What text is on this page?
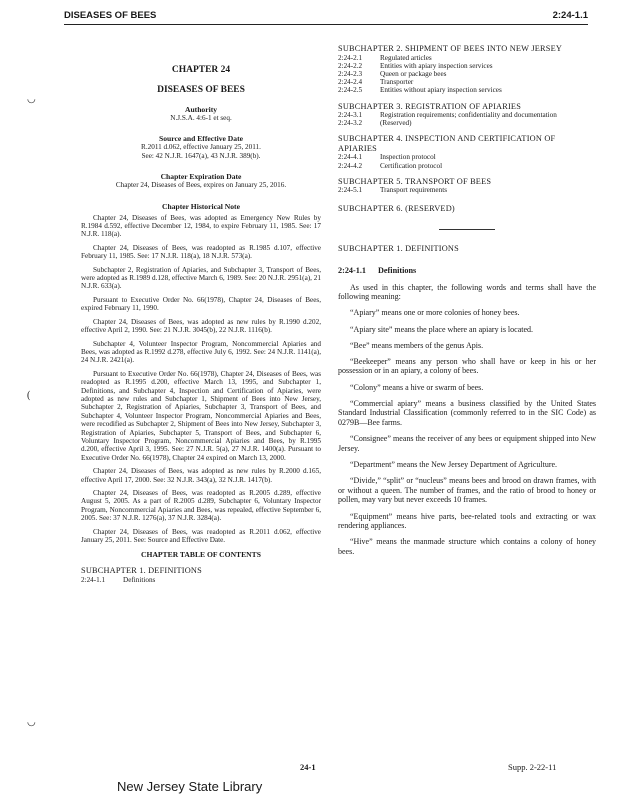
DISEASES OF BEES	2:24-1.1
◡
(
◡
CHAPTER 24
DISEASES OF BEES
Authority
N.J.S.A. 4:6-1 et seq.
Source and Effective Date
R.2011 d.062, effective January 25, 2011.
See: 42 N.J.R. 1647(a), 43 N.J.R. 389(b).
Chapter Expiration Date
Chapter 24, Diseases of Bees, expires on January 25, 2016.
Chapter Historical Note

Chapter 24, Diseases of Bees, was adopted as Emergency New Rules by R.1984 d.592, effective December 12, 1984, to expire February 11, 1985. See: 17 N.J.R. 118(a).

Chapter 24, Diseases of Bees, was readopted as R.1985 d.107, effective February 11, 1985. See: 17 N.J.R. 118(a), 18 N.J.R. 573(a).

Subchapter 2, Registration of Apiaries, and Subchapter 3, Transport of Bees, were adopted as R.1989 d.128, effective March 6, 1989. See: 20 N.J.R. 2951(a), 21 N.J.R. 633(a).

Pursuant to Executive Order No. 66(1978), Chapter 24, Diseases of Bees, expired February 11, 1990.

Chapter 24, Diseases of Bees, was adopted as new rules by R.1990 d.202, effective April 2, 1990. See: 21 N.J.R. 3045(b), 22 N.J.R. 1116(b).

Subchapter 4, Volunteer Inspector Program, Noncommercial Apiaries and Bees, was adopted as R.1992 d.278, effective July 6, 1992. See: 24 N.J.R. 1141(a), 24 N.J.R. 2421(a).

Pursuant to Executive Order No. 66(1978), Chapter 24, Diseases of Bees, was readopted as R.1995 d.200, effective March 13, 1995, and Subchapter 1, Definitions, and Subchapter 4, Inspection and Certification of Apiaries, were adopted as new rules and Subchapter 1, Shipment of Bees into New Jersey, Subchapter 2, Registration of Apiaries, Subchapter 3, Transport of Bees, and Subchapter 4, Volunteer Inspector Program, Noncommercial Apiaries and Bees, were recodified as Subchapter 2, Shipment of Bees into New Jersey, Subchapter 3, Registration of Apiaries, Subchapter 5, Transport of Bees, and Subchapter 6, Voluntary Inspector Program, Noncommercial Apiaries and Bees, by R.1995 d.200, effective April 3, 1995. See: 27 N.J.R. 5(a), 27 N.J.R. 1400(a). Pursuant to Executive Order No. 66(1978), Chapter 24 expired on March 13, 2000.

Chapter 24, Diseases of Bees, was adopted as new rules by R.2000 d.165, effective April 17, 2000. See: 32 N.J.R. 343(a), 32 N.J.R. 1417(b).

Chapter 24, Diseases of Bees, was readopted as R.2005 d.289, effective August 5, 2005. As a part of R.2005 d.289, Subchapter 6, Voluntary Inspector Program, Noncommercial Apiaries and Bees, was repealed, effective September 6, 2005. See: 37 N.J.R. 1276(a), 37 N.J.R. 3284(a).

Chapter 24, Diseases of Bees, was readopted as R.2011 d.062, effective January 25, 2011. See: Source and Effective Date.

CHAPTER TABLE OF CONTENTS
SUBCHAPTER 1. DEFINITIONS
2:24-1.1	Definitions
SUBCHAPTER 2. SHIPMENT OF BEES INTO NEW JERSEY
2:24-2.1	Regulated articles
2:24-2.2	Entities with apiary inspection services
2:24-2.3	Queen or package bees
2:24-2.4	Transporter
2:24-2.5	Entities without apiary inspection services
SUBCHAPTER 3. REGISTRATION OF APIARIES
2:24-3.1	Registration requirements; confidentiality and documentation
2:24-3.2	(Reserved)
SUBCHAPTER 4. INSPECTION AND CERTIFICATION OF APIARIES
2:24-4.1	Inspection protocol
2:24-4.2	Certification protocol
SUBCHAPTER 5. TRANSPORT OF BEES
2:24-5.1	Transport requirements
SUBCHAPTER 6. (RESERVED)
SUBCHAPTER 1. DEFINITIONS
2:24-1.1 Definitions

As used in this chapter, the following words and terms shall have the following meaning:

“Apiary” means one or more colonies of honey bees.

“Apiary site” means the place where an apiary is located.

“Bee” means members of the genus Apis.

“Beekeeper” means any person who shall have or keep in his or her possession or in an apiary, a colony of bees.

“Colony” means a hive or swarm of bees.

“Commercial apiary” means a business classified by the United States Standard Industrial Classification (commonly referred to in the SIC Code) as 0279B—Bee farms.

“Consignee” means the receiver of any bees or equipment shipped into New Jersey.

“Department” means the New Jersey Department of Agriculture.

“Divide,” “split” or “nucleus” means bees and brood on drawn frames, with or without a queen. The number of frames, and the ratio of brood to honey or pollen, may vary but never exceeds 10 frames.

“Equipment” means hive parts, bee-related tools and extracting or wax rendering appliances.

“Hive” means the manmade structure which contains a colony of honey bees.

24-1	Supp. 2-22-11
New Jersey State Library
